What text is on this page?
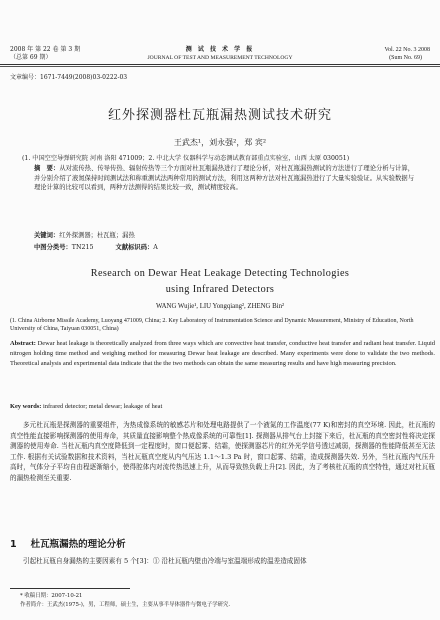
2008 年 第 22 卷 第 3 期
（总第 69 期）
测 试 技 术 学 报
JOURNAL OF TEST AND MEASUREMENT TECHNOLOGY
Vol. 22 No. 3 2008
(Sum No. 69)
文章编号：1671-7449(2008)03-0222-03
红外探测器杜瓦瓶漏热测试技术研究
王武杰¹，刘永强²，郑 宾²
(1. 中国空空导弹研究院 河南 洛阳 471009；2. 中北大学 仪器科学与动态测试教育部重点实验室，山西 太原 030051)
摘　要：从对流传热、传导传热、辐射传热等三个方面对杜瓦瓶漏热进行了理论分析，对杜瓦瓶漏热测试的方法进行了理论分析与计算，并分别介绍了液氮保持时间测试法和称重测试法两种常用的测试方法，利用这两种方法对杜瓦瓶漏热进行了大量实验验证。从实验数据与理论计算的比较可以看到，两种方法测得的结果比较一致，测试精度较高。
关键词：红外探测器；杜瓦瓶；漏热
中图分类号：TN215	文献标识码：A
Research on Dewar Heat Leakage Detecting Technologies
using Infrared Detectors
WANG Wujie¹, LIU Yongqiang², ZHENG Bin²
(1. China Airborne Missile Academy, Luoyang 471009, China; 2. Key Laboratory of Instrumentation Science and Dynamic Measurement, Ministry of Education, North University of China, Taiyuan 030051, China)
Abstract: Dewar heat leakage is theoretically analyzed from three ways which are convective heat transfer, conductive heat transfer and radiant heat transfer. Liquid nitrogen holding time method and weighing method for measuring Dewar heat leakage are described. Many experiments were done to validate the two methods. Theoretical analysis and experimental data indicate that the the two methods can obtain the same measuring results and have high measuring precision.
Key words: infrared detector; metal dewar; leakage of heat
多元杜瓦瓶是探测器的重要组件，为热成像系统的敏感芯片和处理电路提供了一个液氮的工作温度(77 K)和密封的真空环境. 因此，杜瓦瓶的真空性能直接影响探测器的使用寿命，其质量直接影响整个热成像系统的可靠性[1]. 探测器从排气台上封接下来后，杜瓦瓶的真空密封性将决定探测器的使用寿命. 当杜瓦瓶内真空度降低到一定程度时，窗口便起雾、结霜，使探测器芯片的红外光学信号透过减弱，探测器的性能降低甚至无法工作. 根据有关试验数据和技术资料，当杜瓦瓶真空度从内气压达 1.1～1.3 Pa 时，窗口起雾、结霜，造成探测器失效. 另外，当杜瓦瓶内气压升高时，气体分子平均自由程逐渐缩小，使得腔体内对流传热迅速上升，从而导致热负载上升[2]. 因此，为了考核杜瓦瓶的真空特性，通过对杜瓦瓶的漏热检测至关重要.
1 杜瓦瓶漏热的理论分析
引起杜瓦瓶自身漏热的主要因素有 5 个[3]：① 沿杜瓦瓶内壁由冷端与室温端形成的温差造成固体
* 收稿日期：2007-10-21
作者简介：王武杰(1975-)，男，工程师，硕士生，主要从事半导体器件与微电子学研究.
